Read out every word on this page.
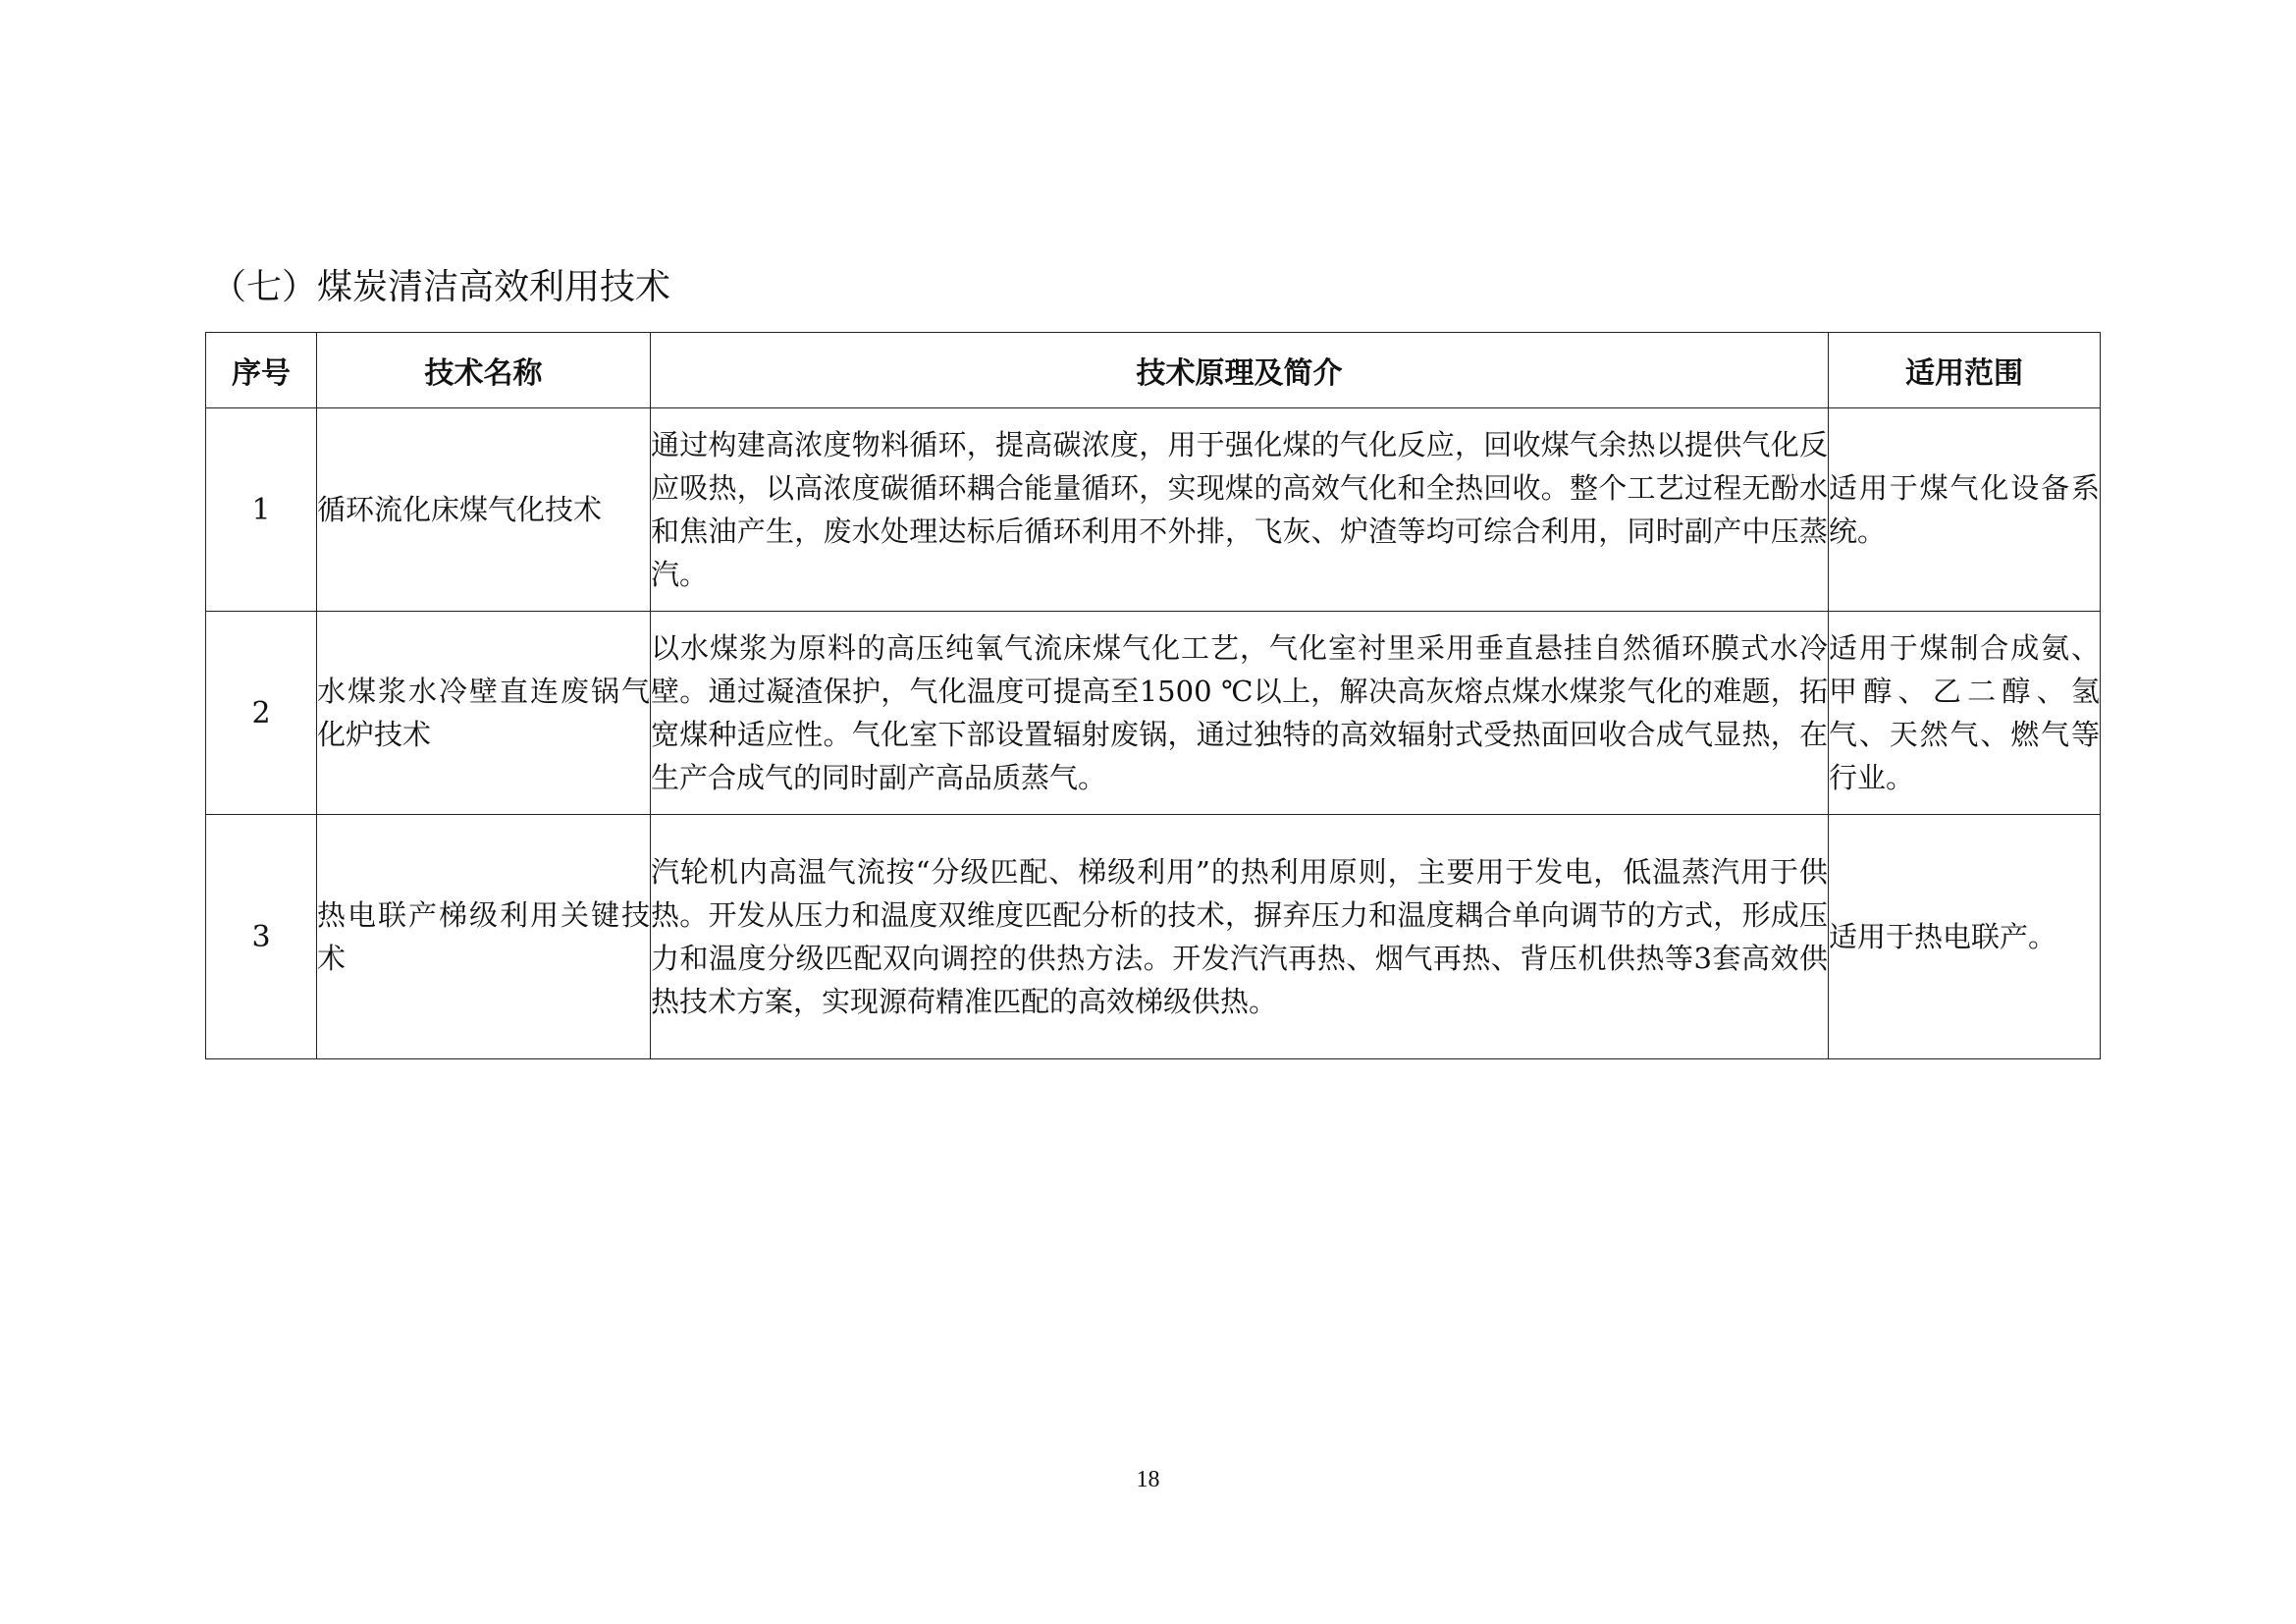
（七）煤炭清洁高效利用技术
序号	技术名称	技术原理及简介	适用范围
1	循环流化床煤气化技术	通过构建高浓度物料循环，提高碳浓度，用于强化煤的气化反应，回收煤气余热以提供气化反应吸热，以高浓度碳循环耦合能量循环，实现煤的高效气化和全热回收。整个工艺过程无酚水和焦油产生，废水处理达标后循环利用不外排，飞灰、炉渣等均可综合利用，同时副产中压蒸汽。	适用于煤气化设备系统。
2	水煤浆水冷壁直连废锅气化炉技术	以水煤浆为原料的高压纯氧气流床煤气化工艺，气化室衬里采用垂直悬挂自然循环膜式水冷壁。通过凝渣保护，气化温度可提高至1500 ℃以上，解决高灰熔点煤水煤浆气化的难题，拓宽煤种适应性。气化室下部设置辐射废锅，通过独特的高效辐射式受热面回收合成气显热，在生产合成气的同时副产高品质蒸气。	适用于煤制合成氨、甲醇、乙二醇、氢气、天然气、燃气等行业。
3	热电联产梯级利用关键技术	汽轮机内高温气流按“分级匹配、梯级利用”的热利用原则，主要用于发电，低温蒸汽用于供热。开发从压力和温度双维度匹配分析的技术，摒弃压力和温度耦合单向调节的方式，形成压力和温度分级匹配双向调控的供热方法。开发汽汽再热、烟气再热、背压机供热等3套高效供热技术方案，实现源荷精准匹配的高效梯级供热。	适用于热电联产。
18
